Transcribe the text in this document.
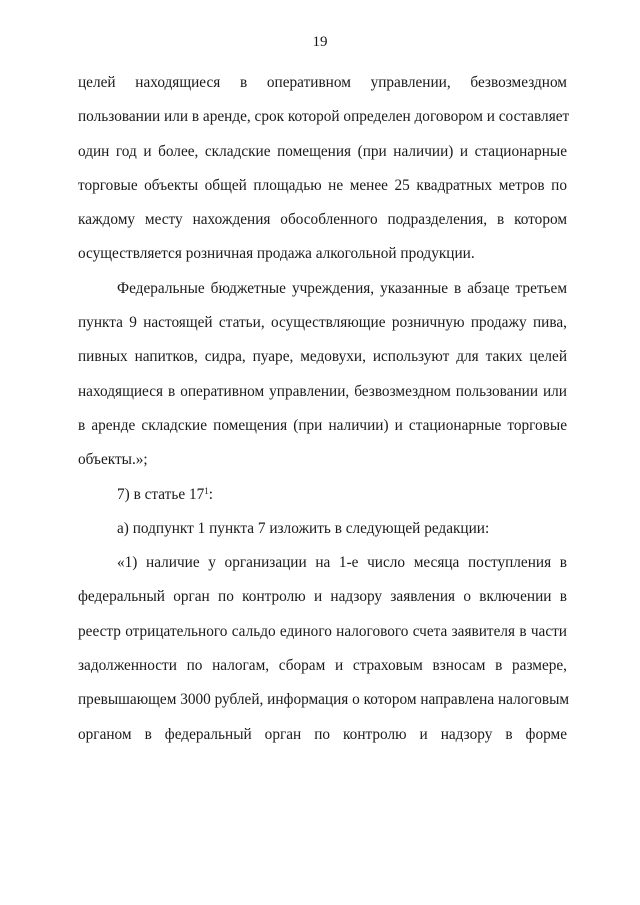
19
целей находящиеся в оперативном управлении, безвозмездном
пользовании или в аренде, срок которой определен договором и составляет
один год и более, складские помещения (при наличии) и стационарные
торговые объекты общей площадью не менее 25 квадратных метров по
каждому месту нахождения обособленного подразделения, в котором
осуществляется розничная продажа алкогольной продукции.
Федеральные бюджетные учреждения, указанные в абзаце третьем
пункта 9 настоящей статьи, осуществляющие розничную продажу пива,
пивных напитков, сидра, пуаре, медовухи, используют для таких целей
находящиеся в оперативном управлении, безвозмездном пользовании или
в аренде складские помещения (при наличии) и стационарные торговые
объекты.»;
7) в статье $17^1$:
а) подпункт 1 пункта 7 изложить в следующей редакции:
«1) наличие у организации на 1-е число месяца поступления в
федеральный орган по контролю и надзору заявления о включении в
реестр отрицательного сальдо единого налогового счета заявителя в части
задолженности по налогам, сборам и страховым взносам в размере,
превышающем 3000 рублей, информация о котором направлена налоговым
органом в федеральный орган по контролю и надзору в форме
